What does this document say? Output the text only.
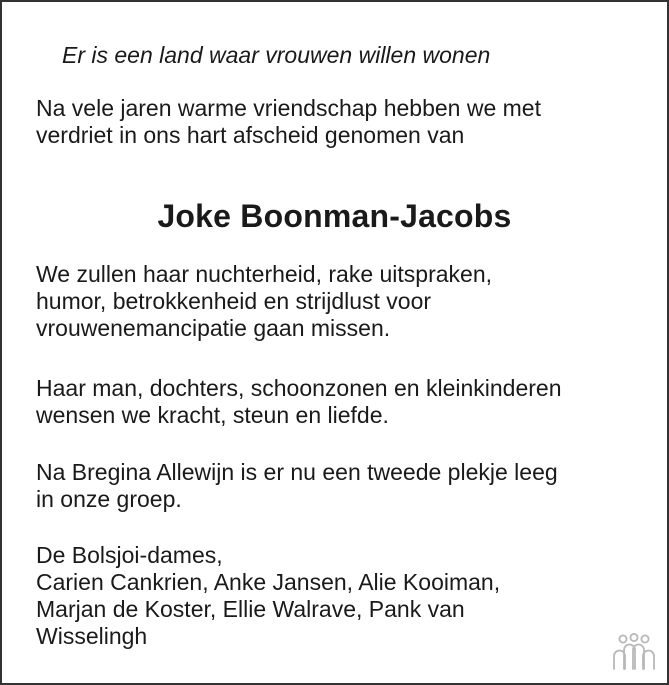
Er is een land waar vrouwen willen wonen
Na vele jaren warme vriendschap hebben we met
verdriet in ons hart afscheid genomen van
Joke Boonman-Jacobs
We zullen haar nuchterheid, rake uitspraken,
humor, betrokkenheid en strijdlust voor
vrouwenemancipatie gaan missen.
Haar man, dochters, schoonzonen en kleinkinderen
wensen we kracht, steun en liefde.
Na Bregina Allewijn is er nu een tweede plekje leeg
in onze groep.
De Bolsjoi-dames,
Carien Cankrien, Anke Jansen, Alie Kooiman,
Marjan de Koster, Ellie Walrave, Pank van
Wisselingh
